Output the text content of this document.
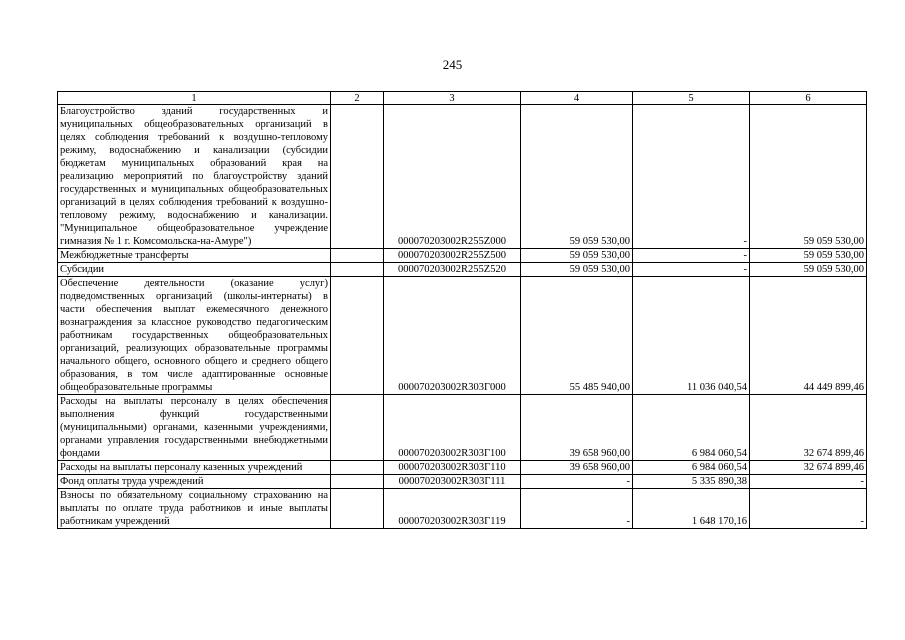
245
1	2	3	4	5	6
Благоустройство зданий государственных и муниципальных общеобразовательных организаций в целях соблюдения требований к воздушно-тепловому режиму, водоснабжению и канализации (субсидии бюджетам муниципальных образований края на реализацию мероприятий по благоустройству зданий государственных и муниципальных общеобразовательных организаций в целях соблюдения требований к воздушно-тепловому режиму, водоснабжению и канализации. "Муниципальное общеобразовательное учреждение гимназия № 1 г. Комсомольска-на-Амуре")		000070203002R255Z000	59 059 530,00	-	59 059 530,00
Межбюджетные трансферты		000070203002R255Z500	59 059 530,00	-	59 059 530,00
Субсидии		000070203002R255Z520	59 059 530,00	-	59 059 530,00
Обеспечение деятельности (оказание услуг) подведомственных организаций (школы-интернаты) в части обеспечения выплат ежемесячного денежного вознаграждения за классное руководство педагогическим работникам государственных общеобразовательных организаций, реализующих образовательные программы начального общего, основного общего и среднего общего образования, в том числе адаптированные основные общеобразовательные программы		000070203002R303Г000	55 485 940,00	11 036 040,54	44 449 899,46
Расходы на выплаты персоналу в целях обеспечения выполнения функций государственными (муниципальными) органами, казенными учреждениями, органами управления государственными внебюджетными фондами		000070203002R303Г100	39 658 960,00	6 984 060,54	32 674 899,46
Расходы на выплаты персоналу казенных учреждений		000070203002R303Г110	39 658 960,00	6 984 060,54	32 674 899,46
Фонд оплаты труда учреждений		000070203002R303Г111	-	5 335 890,38	-
Взносы по обязательному социальному страхованию на выплаты по оплате труда работников и иные выплаты работникам учреждений		000070203002R303Г119	-	1 648 170,16	-
